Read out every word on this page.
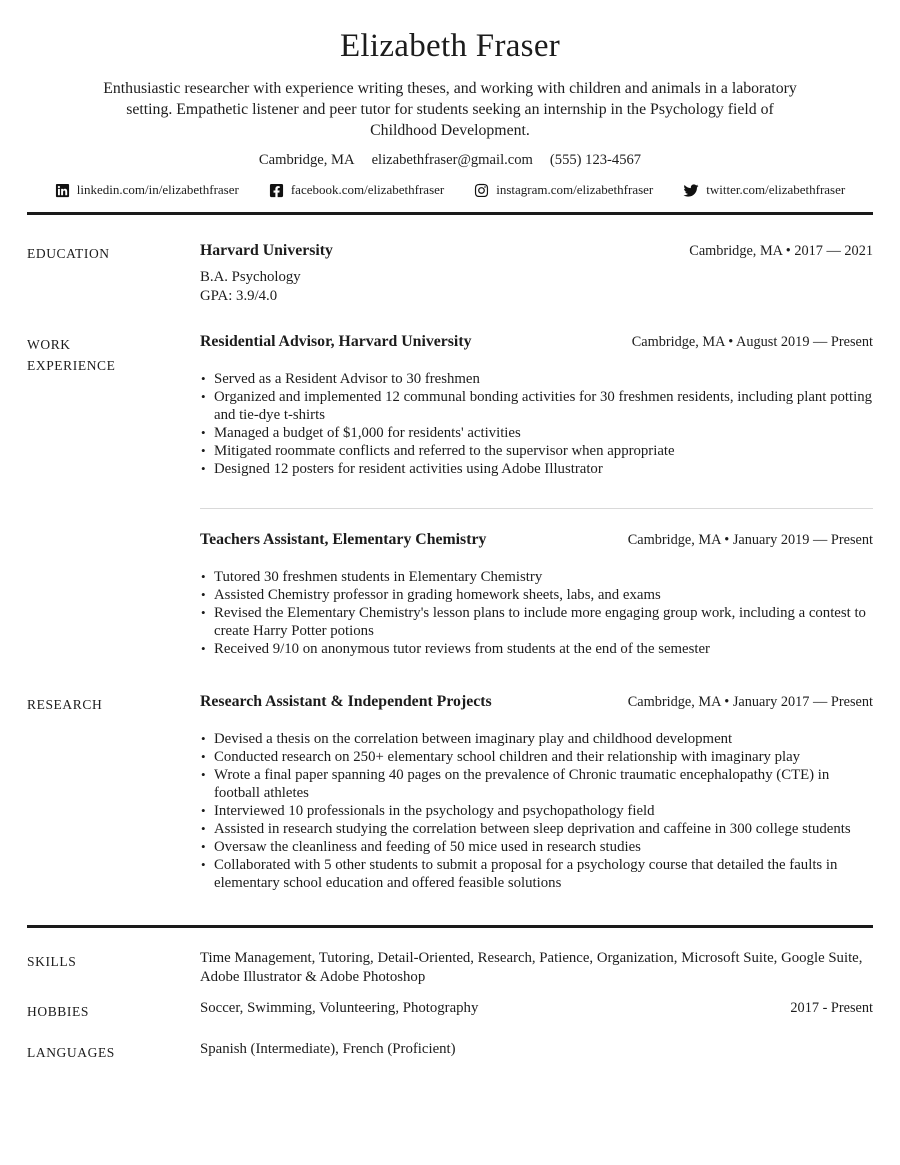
Elizabeth Fraser

Enthusiastic researcher with experience writing theses, and working with children and animals in a laboratory setting. Empathetic listener and peer tutor for students seeking an internship in the Psychology field of Childhood Development.

Cambridge, MA elizabethfraser@gmail.com (555) 123-4567
linkedin.com/in/elizabethfraser	facebook.com/elizabethfraser	instagram.com/elizabethfraser	twitter.com/elizabethfraser
EDUCATION	Harvard University	Cambridge, MA • 2017 — 2021
B.A. Psychology
GPA: 3.9/4.0
WORK EXPERIENCE
Residential Advisor, Harvard University	Cambridge, MA • August 2019 — Present
• Served as a Resident Advisor to 30 freshmen
• Organized and implemented 12 communal bonding activities for 30 freshmen residents, including plant potting and tie-dye t-shirts
• Managed a budget of $1,000 for residents' activities
• Mitigated roommate conflicts and referred to the supervisor when appropriate
• Designed 12 posters for resident activities using Adobe Illustrator
Teachers Assistant, Elementary Chemistry	Cambridge, MA • January 2019 — Present
• Tutored 30 freshmen students in Elementary Chemistry
• Assisted Chemistry professor in grading homework sheets, labs, and exams
• Revised the Elementary Chemistry's lesson plans to include more engaging group work, including a contest to create Harry Potter potions
• Received 9/10 on anonymous tutor reviews from students at the end of the semester
RESEARCH	Research Assistant & Independent Projects	Cambridge, MA • January 2017 — Present
• Devised a thesis on the correlation between imaginary play and childhood development
• Conducted research on 250+ elementary school children and their relationship with imaginary play
• Wrote a final paper spanning 40 pages on the prevalence of Chronic traumatic encephalopathy (CTE) in football athletes
• Interviewed 10 professionals in the psychology and psychopathology field
• Assisted in research studying the correlation between sleep deprivation and caffeine in 300 college students
• Oversaw the cleanliness and feeding of 50 mice used in research studies
• Collaborated with 5 other students to submit a proposal for a psychology course that detailed the faults in elementary school education and offered feasible solutions
SKILLS	Time Management, Tutoring, Detail-Oriented, Research, Patience, Organization, Microsoft Suite, Google Suite, Adobe Illustrator & Adobe Photoshop
HOBBIES	Soccer, Swimming, Volunteering, Photography	2017 - Present
LANGUAGES	Spanish (Intermediate), French (Proficient)
